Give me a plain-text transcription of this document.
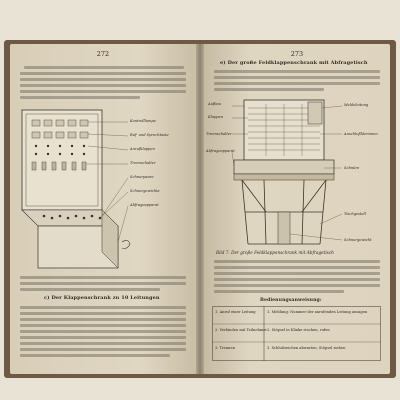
272
Kontrolllampe
Ruf- und Sprechtaste
Anrufklappen
Trennschalter
Schnurpaare
Schnurgewichte
Abfrageapparat
c) Der Klappenschrank zu 10 Leitungen
273
e) Der große Feldklappenschrank mit Abfragetisch
Aufbau
Klappen
Trennschalter
Abfrageapparat
Meldeleitung
Anschlußklemmen
Schnüre
Tischgestell
Schnurgewicht
Bild 7. Der große Feldklappenschrank mit Abfragetisch
Bedienungsanweisung:
1. Anruf einer Leitung	1. Meldung: Nummer der anrufenden Leitung ansagen
2. Verbinden mit Teilnehmer 2. Stöpsel in Klinke stecken, rufen
3. Trennen	3. Schlußzeichen abwarten, Stöpsel ziehen
